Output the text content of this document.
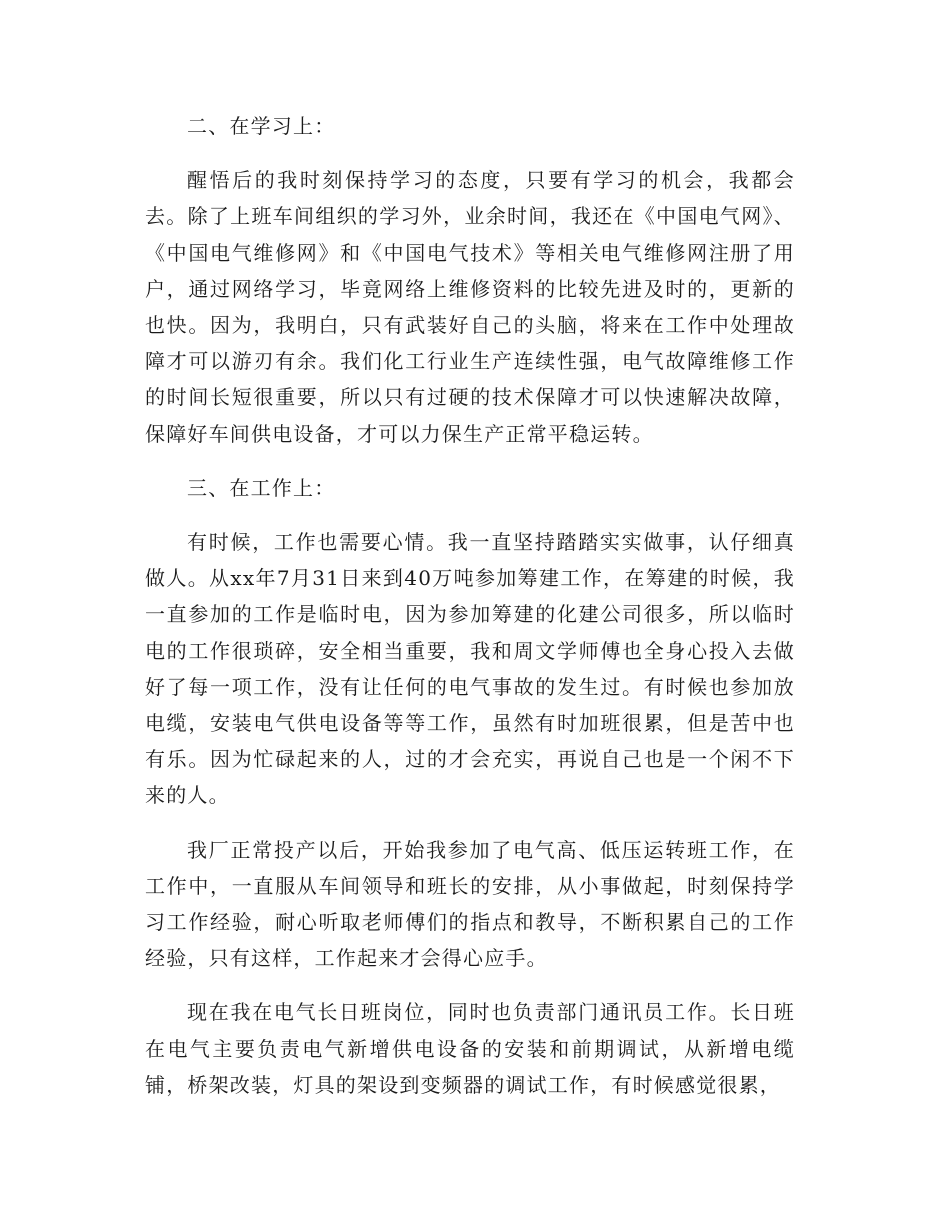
二、在学习上：

醒悟后的我时刻保持学习的态度，只要有学习的机会，我都会去。除了上班车间组织的学习外，业余时间，我还在《中国电气网》、《中国电气维修网》和《中国电气技术》等相关电气维修网注册了用户，通过网络学习，毕竟网络上维修资料的比较先进及时的，更新的也快。因为，我明白，只有武装好自己的头脑，将来在工作中处理故障才可以游刃有余。我们化工行业生产连续性强，电气故障维修工作的时间长短很重要，所以只有过硬的技术保障才可以快速解决故障，保障好车间供电设备，才可以力保生产正常平稳运转。

三、在工作上：

有时候，工作也需要心情。我一直坚持踏踏实实做事，认仔细真做人。从xx年7月31日来到40万吨参加筹建工作，在筹建的时候，我一直参加的工作是临时电，因为参加筹建的化建公司很多，所以临时电的工作很琐碎，安全相当重要，我和周文学师傅也全身心投入去做好了每一项工作，没有让任何的电气事故的发生过。有时候也参加放电缆，安装电气供电设备等等工作，虽然有时加班很累，但是苦中也有乐。因为忙碌起来的人，过的才会充实，再说自己也是一个闲不下来的人。

我厂正常投产以后，开始我参加了电气高、低压运转班工作，在工作中，一直服从车间领导和班长的安排，从小事做起，时刻保持学习工作经验，耐心听取老师傅们的指点和教导，不断积累自己的工作经验，只有这样，工作起来才会得心应手。

现在我在电气长日班岗位，同时也负责部门通讯员工作。长日班在电气主要负责电气新增供电设备的安装和前期调试，从新增电缆铺，桥架改装，灯具的架设到变频器的调试工作，有时候感觉很累，
